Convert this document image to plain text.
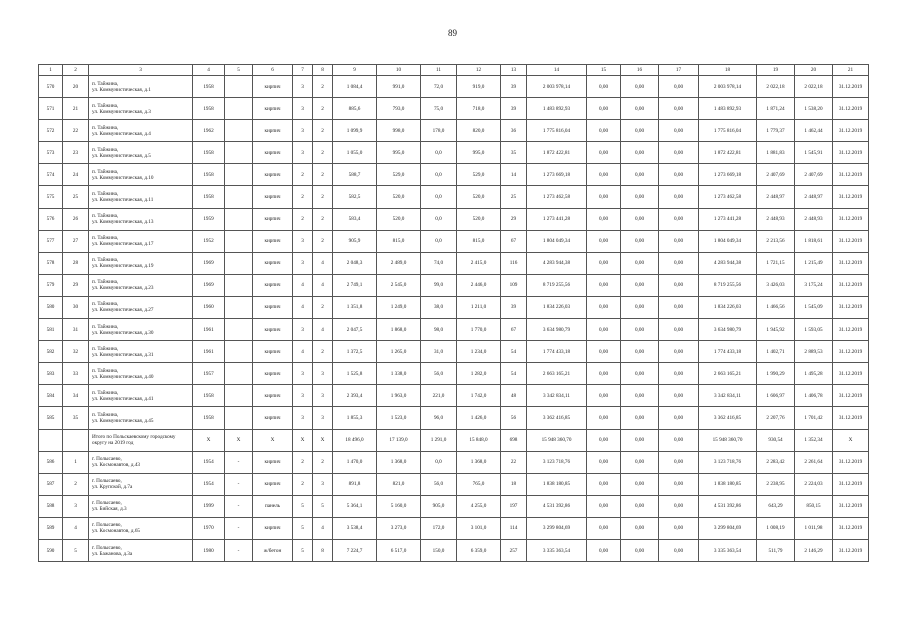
89
1	2	3	4	5	6	7	8	9	10	11	12	13	14	15	16	17	18	19	20	21
570	20	п. Тайжина,
ул. Коммунистическая, д.1	1958		кирпич	3	2	1 084,4	991,0	72,0	919,0	39	2 003 978,14	0,00	0,00	0,00	2 003 978,14	2 022,18	2 022,18	31.12.2019
571	21	п. Тайжина,
ул. Коммунистическая, д.3	1958		кирпич	3	2	885,6	793,0	75,0	718,0	39	1 483 892,93	0,00	0,00	0,00	1 483 892,93	1 871,24	1 538,20	31.12.2019
572	22	п. Тайжина,
ул. Коммунистическая, д.4	1962		кирпич	3	2	1 099,9	998,0	178,0	820,0	36	1 775 816,04	0,00	0,00	0,00	1 775 816,04	1 779,37	1 462,44	31.12.2019
573	23	п. Тайжина,
ул. Коммунистическая, д.5	1958		кирпич	3	2	1 055,0	995,0	0,0	995,0	35	1 872 422,81	0,00	0,00	0,00	1 872 422,81	1 881,83	1 545,91	31.12.2019
574	24	п. Тайжина,
ул. Коммунистическая, д.10	1958		кирпич	2	2	588,7	529,0	0,0	529,0	14	1 273 669,18	0,00	0,00	0,00	1 273 669,18	2 407,69	2 407,69	31.12.2019
575	25	п. Тайжина,
ул. Коммунистическая, д.11	1958		кирпич	2	2	582,5	520,0	0,0	520,0	25	1 273 462,58	0,00	0,00	0,00	1 273 462,58	2 448,97	2 448,97	31.12.2019
576	26	п. Тайжина,
ул. Коммунистическая, д.13	1959		кирпич	2	2	583,4	520,0	0,0	520,0	29	1 273 441,28	0,00	0,00	0,00	1 273 441,28	2 448,93	2 448,93	31.12.2019
577	27	п. Тайжина,
ул. Коммунистическая, д.17	1952		кирпич	3	2	905,9	815,0	0,0	815,0	67	1 804 049,34	0,00	0,00	0,00	1 804 049,34	2 213,56	1 818,61	31.12.2019
578	28	п. Тайжина,
ул. Коммунистическая, д.19	1969		кирпич	3	4	2 048,3	2 489,0	74,0	2 415,0	116	4 283 944,38	0,00	0,00	0,00	4 283 944,38	1 721,15	1 215,49	31.12.2019
579	29	п. Тайжина,
ул. Коммунистическая, д.23	1969		кирпич	4	4	2 749,1	2 545,0	99,0	2 446,0	109	8 719 255,56	0,00	0,00	0,00	8 719 255,56	3 426,03	3 175,24	31.12.2019
580	30	п. Тайжина,
ул. Коммунистическая, д.27	1960		кирпич	4	2	1 351,8	1 249,0	38,0	1 211,0	39	1 834 226,03	0,00	0,00	0,00	1 834 226,03	1 466,56	1 545,09	31.12.2019
581	31	п. Тайжина,
ул. Коммунистическая, д.30	1961		кирпич	3	4	2 047,5	1 868,0	98,0	1 770,0	67	3 634 980,79	0,00	0,00	0,00	3 634 980,79	1 945,92	1 593,05	31.12.2019
582	32	п. Тайжина,
ул. Коммунистическая, д.31	1961		кирпич	4	2	1 372,5	1 265,0	31,0	1 234,0	54	1 774 433,18	0,00	0,00	0,00	1 774 433,18	1 402,71	2 889,53	31.12.2019
583	33	п. Тайжина,
ул. Коммунистическая, д.40	1957		кирпич	3	3	1 525,8	1 338,0	56,0	1 282,0	54	2 663 165,21	0,00	0,00	0,00	2 663 165,21	1 990,29	1 495,28	31.12.2019
584	34	п. Тайжина,
ул. Коммунистическая, д.41	1958		кирпич	3	3	2 393,4	1 963,0	221,0	1 742,0	48	3 342 834,11	0,00	0,00	0,00	3 342 834,11	1 606,97	1 406,78	31.12.2019
585	35	п. Тайжина,
ул. Коммунистическая, д.45	1958		кирпич	3	3	1 855,3	1 523,0	96,0	1 426,0	56	3 362 416,85	0,00	0,00	0,00	3 362 416,85	2 207,76	1 701,42	31.12.2019
		Итого по Польскаевскому городскому
округу на 2019 год	X	X	X	X	X	18 496,0	17 139,0	1 291,0	15 848,0	698	15 948 360,70	0,00	0,00	0,00	15 948 360,70	930,54	1 352,34	X
586	1	г. Полысаево,
ул. Космонавтов, д.43	1954	-	кирпич	2	2	1 470,0	1 368,0	0,0	1 368,0	22	3 123 718,76	0,00	0,00	0,00	3 123 718,76	2 283,42	2 261,64	31.12.2019
587	2	г. Полысаево,
ул. Крупской, д.7а	1954	-	кирпич	2	3	891,8	821,0	56,0	765,0	18	1 838 180,85	0,00	0,00	0,00	1 838 180,85	2 238,95	2 224,03	31.12.2019
588	3	г. Полысаево,
ул. Бийская, д.3	1999	-	панель	5	5	5 364,1	5 160,0	905,0	4 255,0	197	4 531 392,86	0,00	0,00	0,00	4 531 392,86	643,29	850,15	31.12.2019
589	4	г. Полысаево,
ул. Космонавтов, д.65	1970	-	кирпич	5	4	3 538,4	3 273,0	172,0	3 101,0	114	3 299 804,69	0,00	0,00	0,00	3 299 804,69	1 008,19	1 011,98	31.12.2019
590	5	г. Полысаево,
ул. Бажанова, д.3а	1980	-	ж/бетон	5	8	7 224,7	6 517,0	150,0	6 359,0	257	3 335 363,54	0,00	0,00	0,00	3 335 363,54	511,79	2 146,29	31.12.2019
